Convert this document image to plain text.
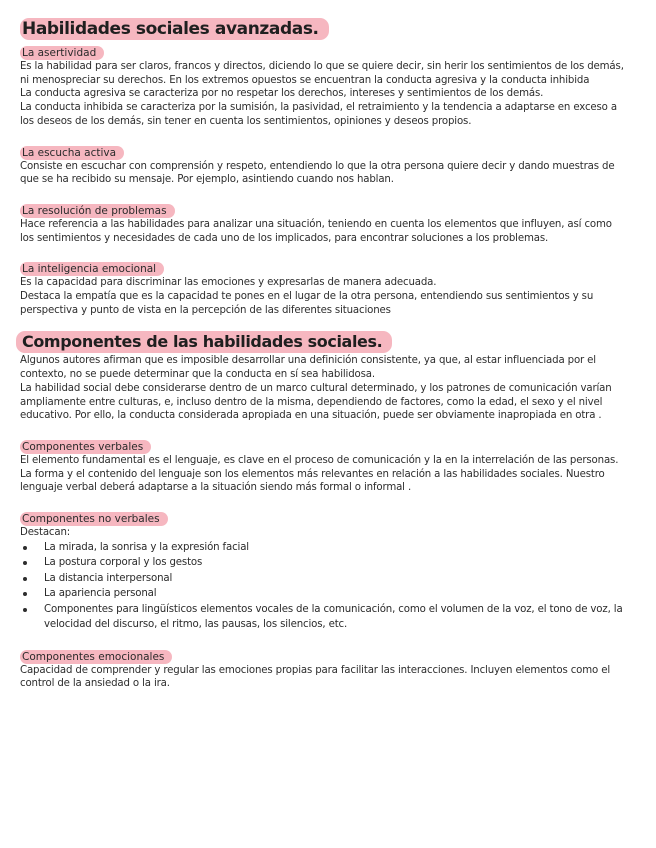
Habilidades sociales avanzadas.
La asertividad

Es la habilidad para ser claros, francos y directos, diciendo lo que se quiere decir, sin herir los sentimientos de los demás, ni menospreciar su derechos. En los extremos opuestos se encuentran la conducta agresiva y la conducta inhibida

La conducta agresiva se caracteriza por no respetar los derechos, intereses y sentimientos de los demás.

La conducta inhibida se caracteriza por la sumisión, la pasividad, el retraimiento y la tendencia a adaptarse en exceso a los deseos de los demás, sin tener en cuenta los sentimientos, opiniones y deseos propios.

La escucha activa

Consiste en escuchar con comprensión y respeto, entendiendo lo que la otra persona quiere decir y dando muestras de que se ha recibido su mensaje. Por ejemplo, asintiendo cuando nos hablan.

La resolución de problemas

Hace referencia a las habilidades para analizar una situación, teniendo en cuenta los elementos que influyen, así como los sentimientos y necesidades de cada uno de los implicados, para encontrar soluciones a los problemas.

La inteligencia emocional

Es la capacidad para discriminar las emociones y expresarlas de manera adecuada.

Destaca la empatía que es la capacidad te pones en el lugar de la otra persona, entendiendo sus sentimientos y su perspectiva y punto de vista en la percepción de las diferentes situaciones

Componentes de las habilidades sociales.

Algunos autores afirman que es imposible desarrollar una definición consistente, ya que, al estar influenciada por el contexto, no se puede determinar que la conducta en sí sea habilidosa.

La habilidad social debe considerarse dentro de un marco cultural determinado, y los patrones de comunicación varían ampliamente entre culturas, e, incluso dentro de la misma, dependiendo de factores, como la edad, el sexo y el nivel educativo. Por ello, la conducta considerada apropiada en una situación, puede ser obviamente inapropiada en otra .

Componentes verbales

El elemento fundamental es el lenguaje, es clave en el proceso de comunicación y la en la interrelación de las personas. La forma y el contenido del lenguaje son los elementos más relevantes en relación a las habilidades sociales. Nuestro lenguaje verbal deberá adaptarse a la situación siendo más formal o informal .

Componentes no verbales

Destacan:

La mirada, la sonrisa y la expresión facial
La postura corporal y los gestos
La distancia interpersonal
La apariencia personal
Componentes para lingüísticos elementos vocales de la comunicación, como el volumen de la voz, el tono de voz, la velocidad del discurso, el ritmo, las pausas, los silencios, etc.
Componentes emocionales

Capacidad de comprender y regular las emociones propias para facilitar las interacciones. Incluyen elementos como el control de la ansiedad o la ira.
